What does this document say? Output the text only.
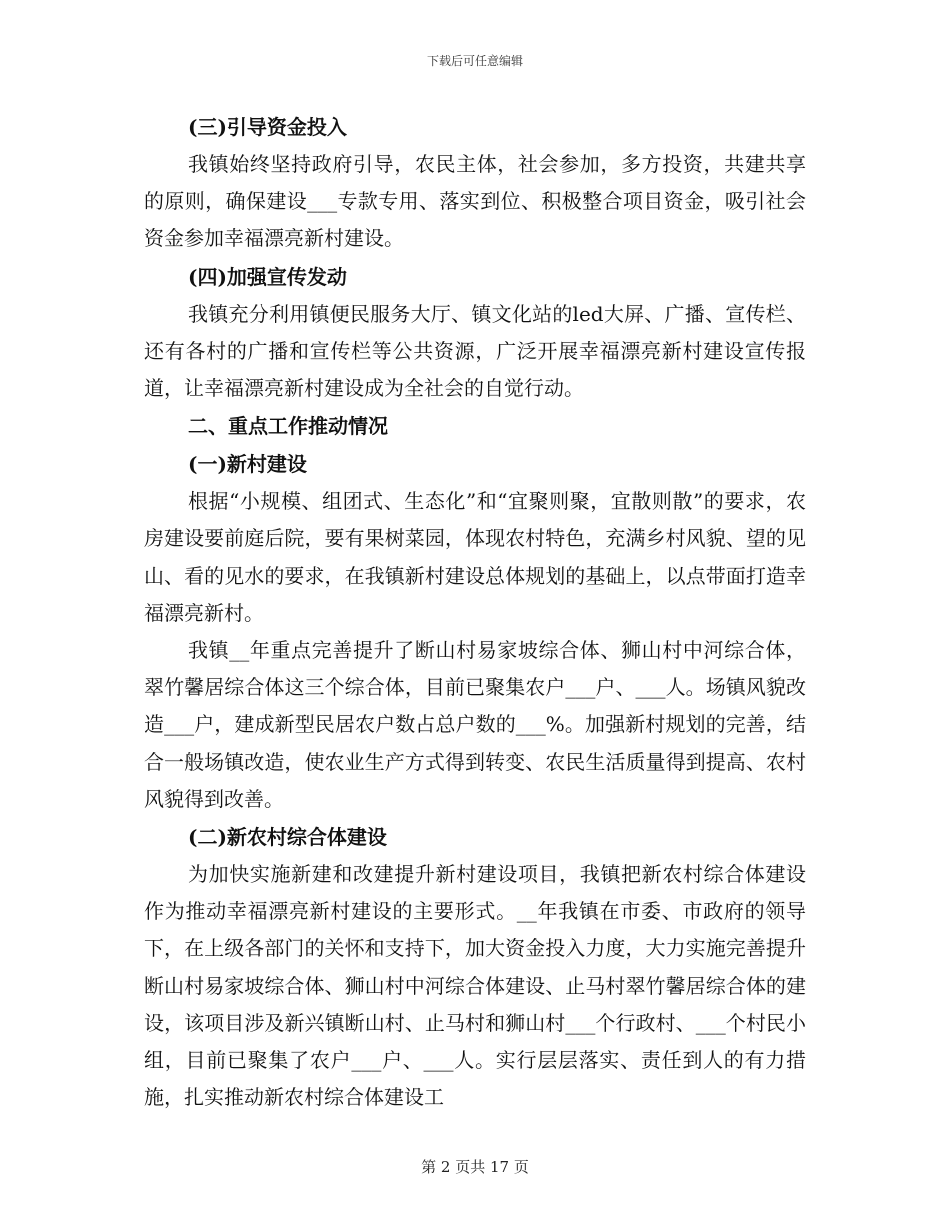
下载后可任意编辑
(三)引导资金投入

我镇始终坚持政府引导，农民主体，社会参加，多方投资，共建共享的原则，确保建设___专款专用、落实到位、积极整合项目资金，吸引社会资金参加幸福漂亮新村建设。

(四)加强宣传发动

我镇充分利用镇便民服务大厅、镇文化站的led大屏、广播、宣传栏、还有各村的广播和宣传栏等公共资源，广泛开展幸福漂亮新村建设宣传报道，让幸福漂亮新村建设成为全社会的自觉行动。

二、重点工作推动情况
(一)新村建设

根据“小规模、组团式、生态化”和“宜聚则聚，宜散则散”的要求，农房建设要前庭后院，要有果树菜园，体现农村特色，充满乡村风貌、望的见山、看的见水的要求，在我镇新村建设总体规划的基础上，以点带面打造幸福漂亮新村。

我镇__年重点完善提升了断山村易家坡综合体、狮山村中河综合体，翠竹馨居综合体这三个综合体，目前已聚集农户___户、___人。场镇风貌改造___户，建成新型民居农户数占总户数的___%。加强新村规划的完善，结合一般场镇改造，使农业生产方式得到转变、农民生活质量得到提高、农村风貌得到改善。

(二)新农村综合体建设

为加快实施新建和改建提升新村建设项目，我镇把新农村综合体建设作为推动幸福漂亮新村建设的主要形式。__年我镇在市委、市政府的领导下，在上级各部门的关怀和支持下，加大资金投入力度，大力实施完善提升断山村易家坡综合体、狮山村中河综合体建设、止马村翠竹馨居综合体的建设，该项目涉及新兴镇断山村、止马村和狮山村___个行政村、___个村民小组，目前已聚集了农户___户、___人。实行层层落实、责任到人的有力措施，扎实推动新农村综合体建设工

第 2 页共 17 页
